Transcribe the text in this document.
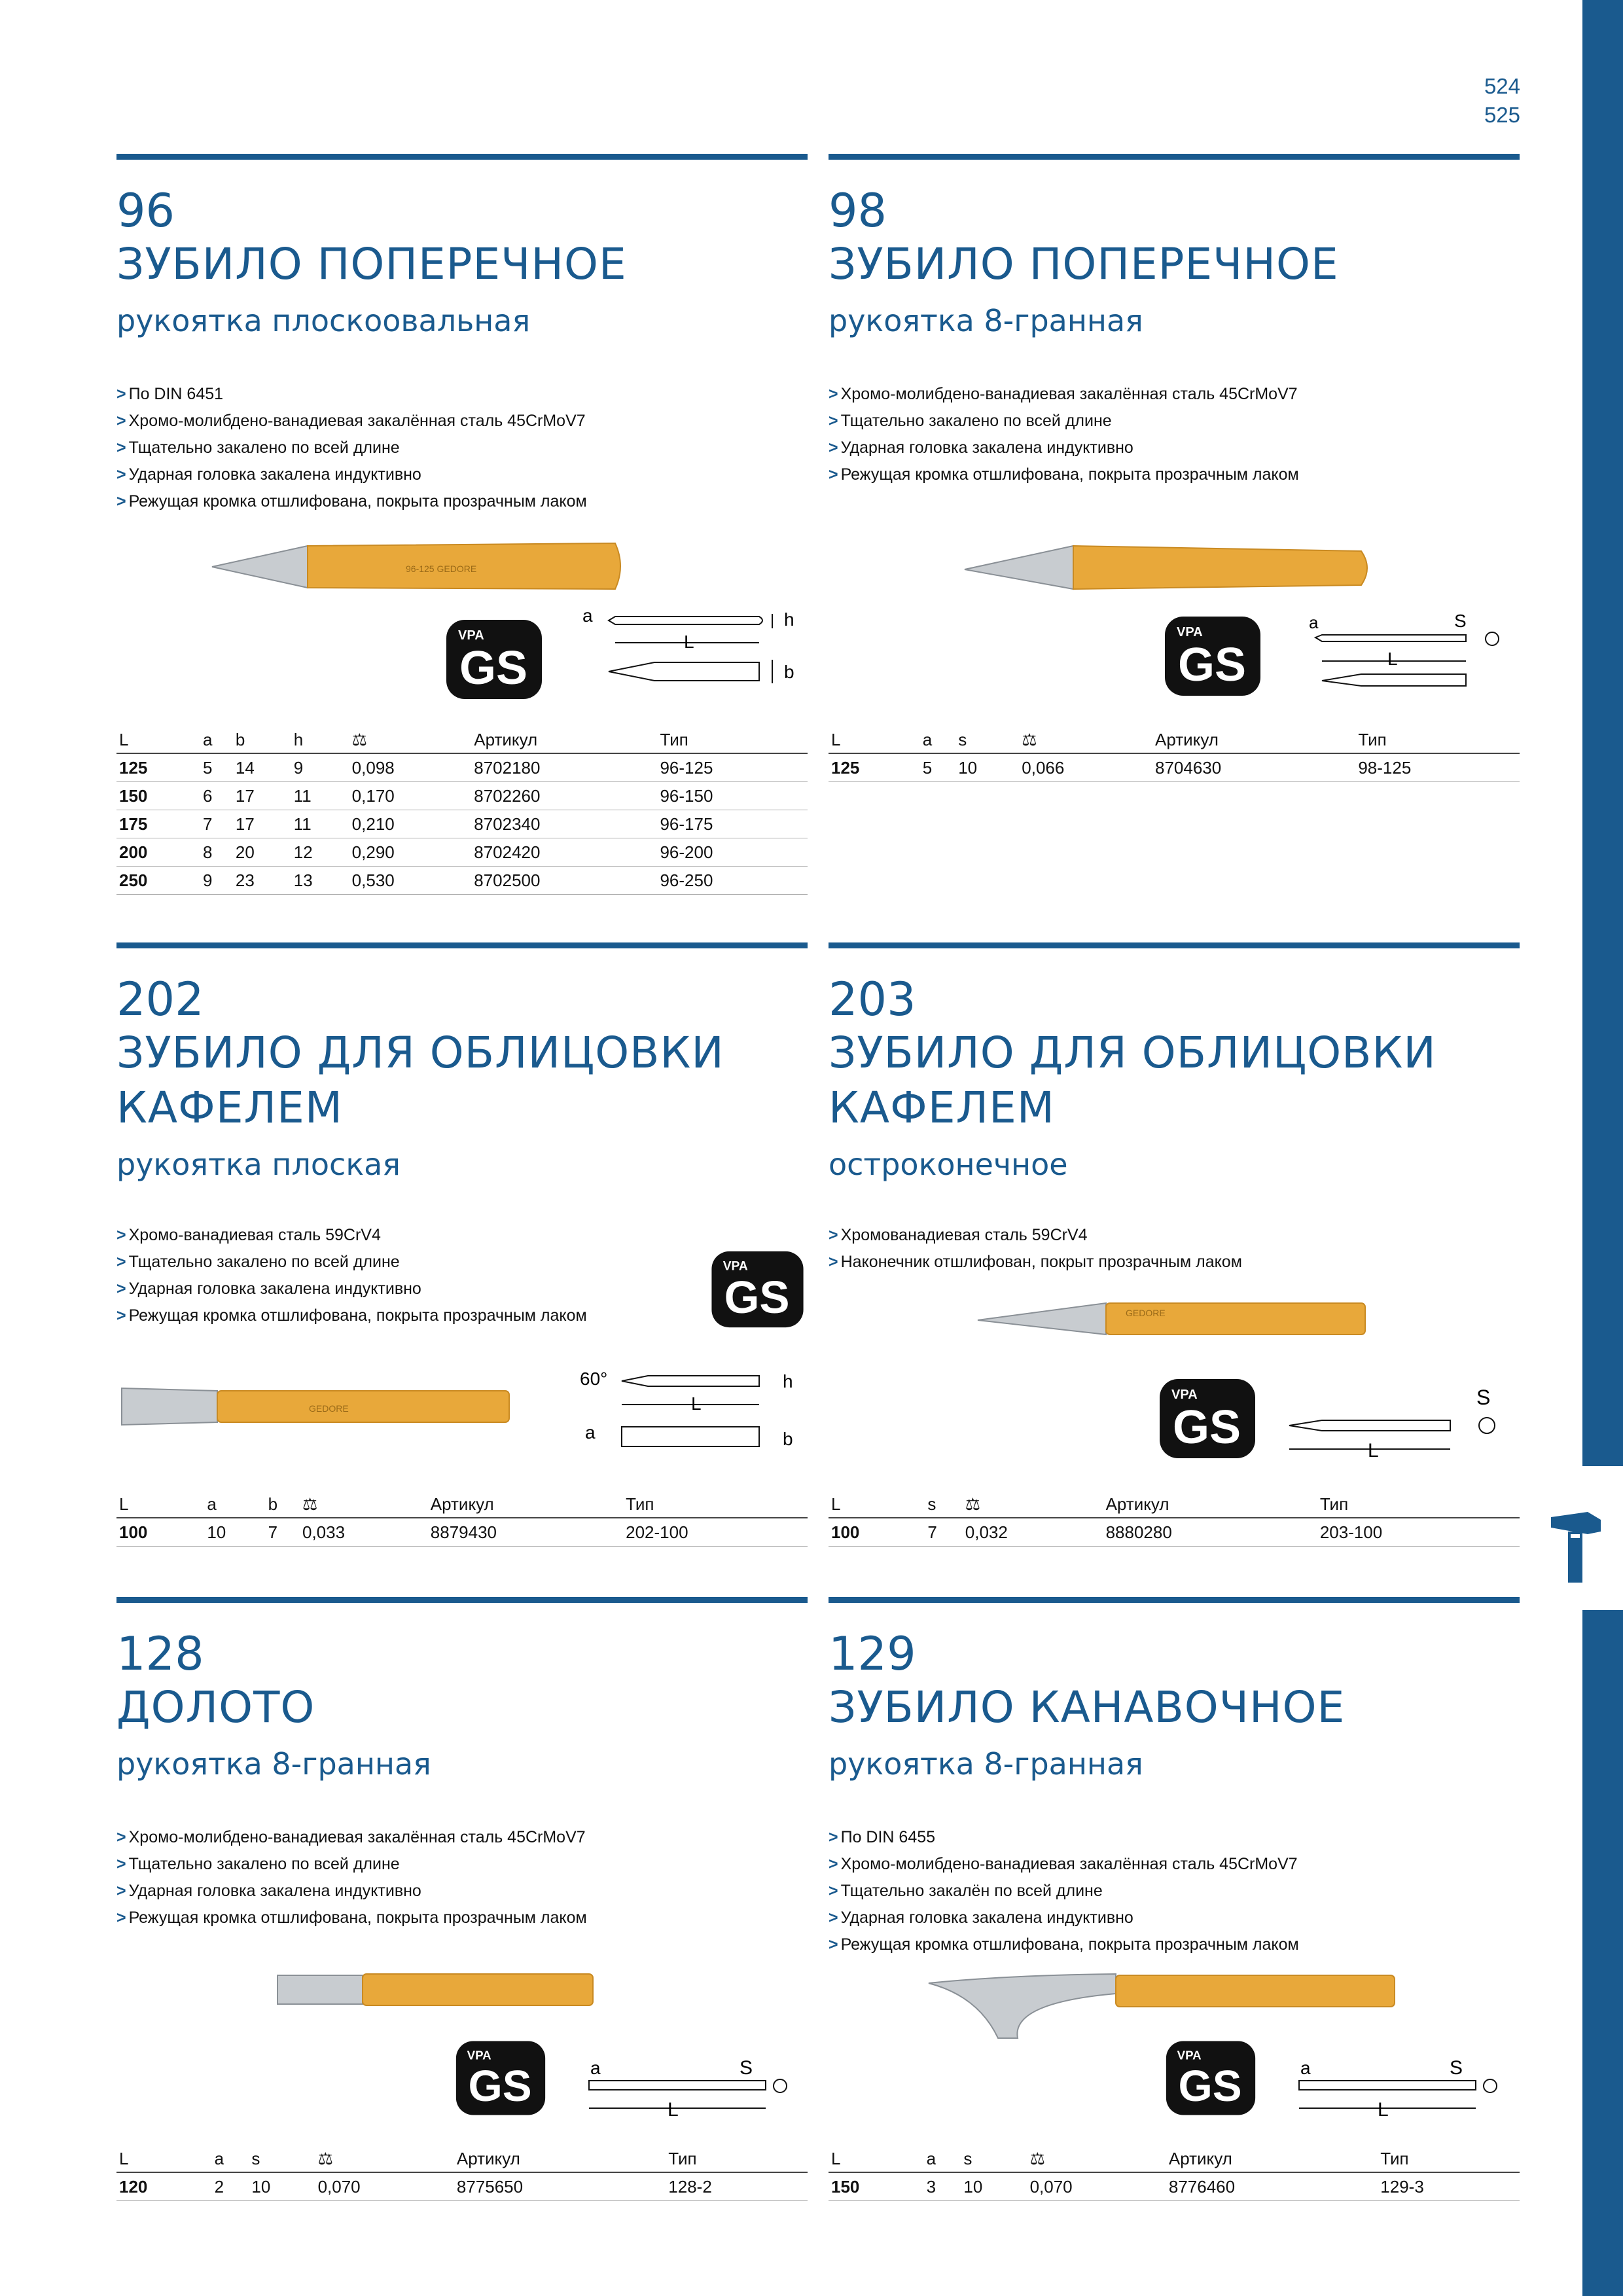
524
525
96
ЗУБИЛО ПОПЕРЕЧНОЕ
рукоятка плоскоовальная
> По DIN 6451
> Хромо-молибдено-ванадиевая закалённая сталь 45CrMoV7
> Тщательно закалено по всей длине
> Ударная головка закалена индуктивно
> Режущая кромка отшлифована, покрыта прозрачным лаком
96-125 GEDORE
VPA
GS
a	h
L
b
L	a	b	h	⚖	Артикул	Тип
125	5	14	9	0,098	8702180	96-125
150	6	17	11	0,170	8702260	96-150
175	7	17	11	0,210	8702340	96-175
200	8	20	12	0,290	8702420	96-200
250	9	23	13	0,530	8702500	96-250
98
ЗУБИЛО ПОПЕРЕЧНОЕ
рукоятка 8-гранная
> Хромо-молибдено-ванадиевая закалённая сталь 45CrMoV7
> Тщательно закалено по всей длине
> Ударная головка закалена индуктивно
> Режущая кромка отшлифована, покрыта прозрачным лаком
VPA
GS
a	S
L
L	a	s	⚖	Артикул	Тип
125	5	10	0,066	8704630	98-125
202
ЗУБИЛО ДЛЯ ОБЛИЦОВКИ
КАФЕЛЕМ
рукоятка плоская
> Хромо-ванадиевая сталь 59CrV4
> Тщательно закалено по всей длине
> Ударная головка закалена индуктивно
> Режущая кромка отшлифована, покрыта прозрачным лаком
VPA
GS
GEDORE
60°	h
L
a	b
L	a	b	⚖	Артикул	Тип
100	10	7	0,033	8879430	202-100
203
ЗУБИЛО ДЛЯ ОБЛИЦОВКИ
КАФЕЛЕМ
остроконечное
> Хромованадиевая сталь 59CrV4
> Наконечник отшлифован, покрыт прозрачным лаком
GEDORE
VPA
GS
S
L
L	s	⚖	Артикул	Тип
100	7	0,032	8880280	203-100
128
ДОЛОТО
рукоятка 8-гранная
> Хромо-молибдено-ванадиевая закалённая сталь 45CrMoV7
> Тщательно закалено по всей длине
> Ударная головка закалена индуктивно
> Режущая кромка отшлифована, покрыта прозрачным лаком
VPA
GS	a	S
L
L	a	s	⚖	Артикул	Тип
120	2	10	0,070	8775650	128-2
129
ЗУБИЛО КАНАВОЧНОЕ
рукоятка 8-гранная
> По DIN 6455
> Хромо-молибдено-ванадиевая закалённая сталь 45CrMoV7
> Тщательно закалён по всей длине
> Ударная головка закалена индуктивно
> Режущая кромка отшлифована, покрыта прозрачным лаком
VPA
GS	a	S
L
L	a	s	⚖	Артикул	Тип
150	3	10	0,070	8776460	129-3
